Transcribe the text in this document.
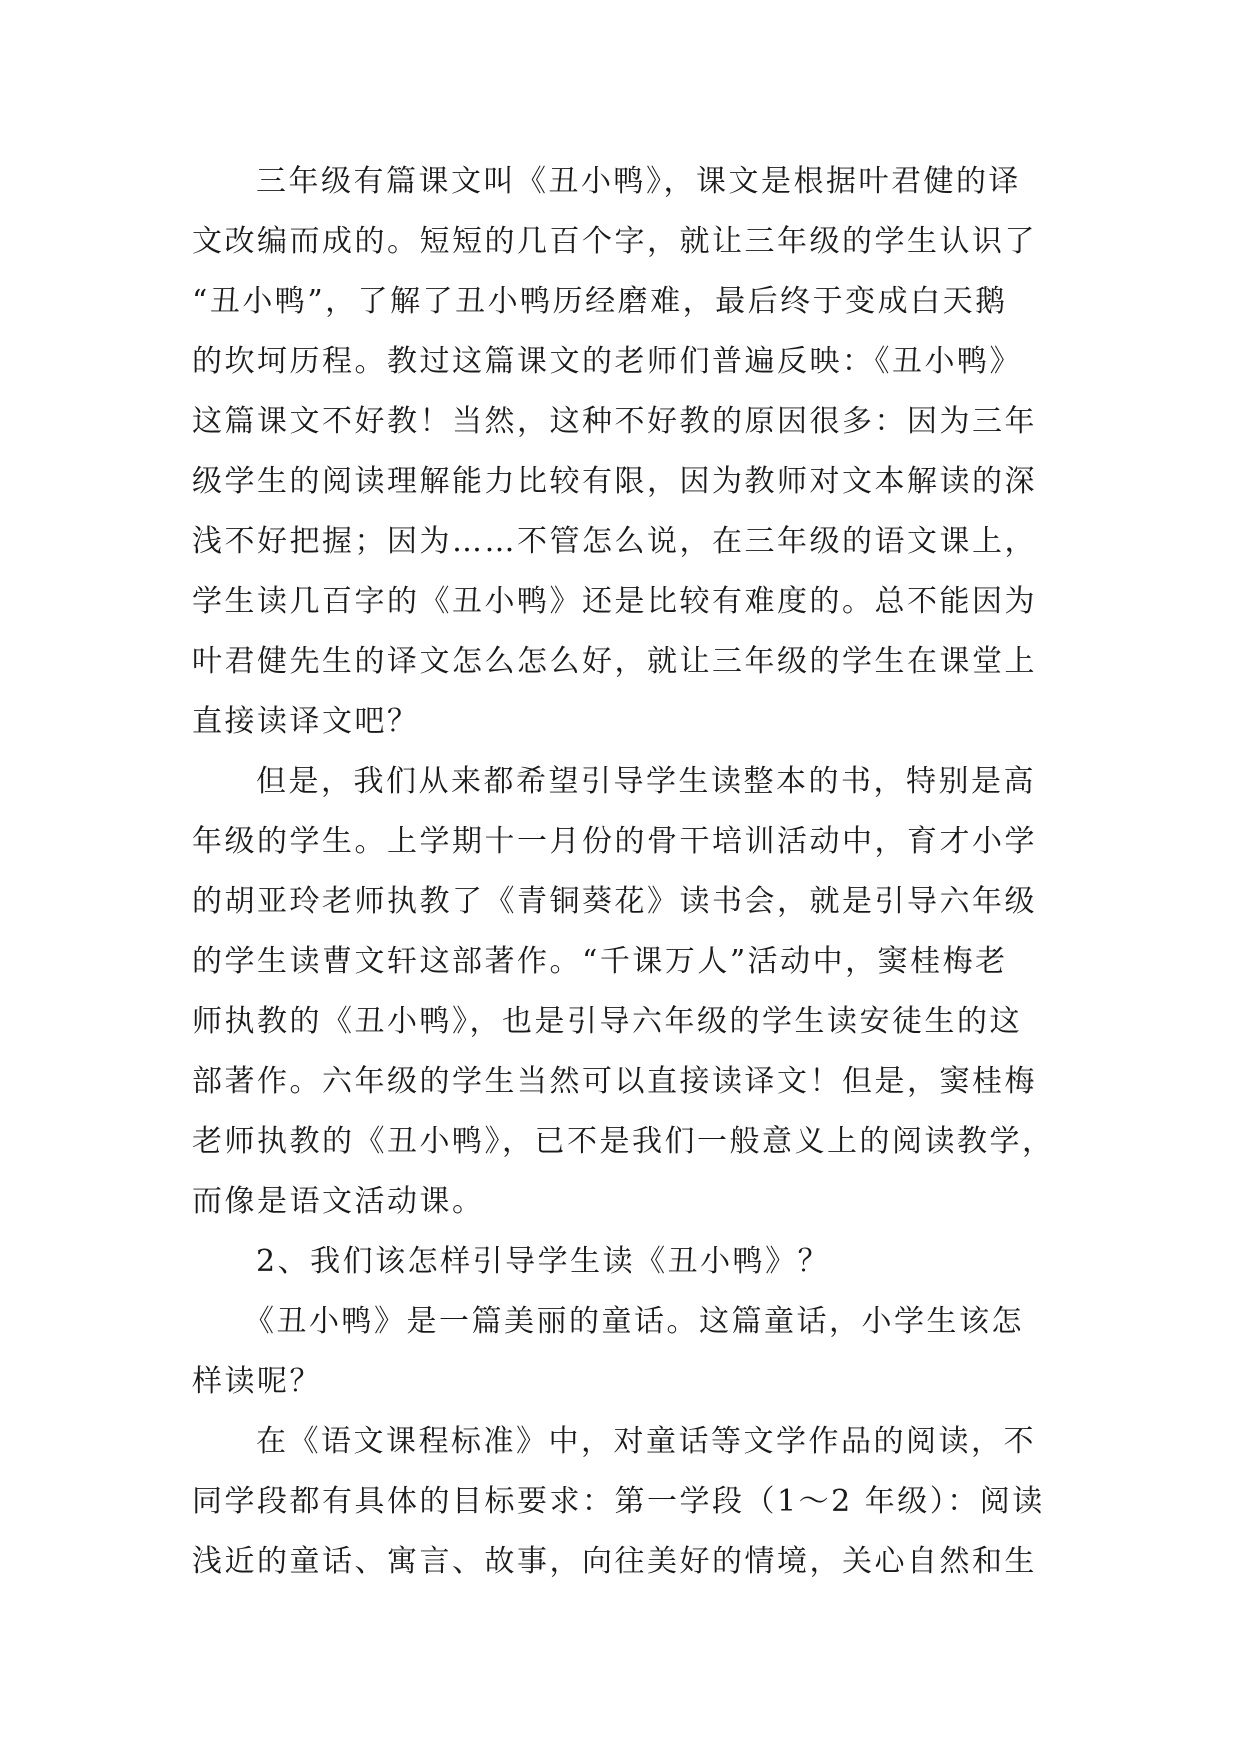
三年级有篇课文叫《丑小鸭》，课文是根据叶君健的译
文改编而成的。短短的几百个字，就让三年级的学生认识了
“丑小鸭”，了解了丑小鸭历经磨难，最后终于变成白天鹅
的坎坷历程。教过这篇课文的老师们普遍反映：《丑小鸭》
这篇课文不好教！当然，这种不好教的原因很多：因为三年
级学生的阅读理解能力比较有限，因为教师对文本解读的深
浅不好把握；因为……不管怎么说，在三年级的语文课上，
学生读几百字的《丑小鸭》还是比较有难度的。总不能因为
叶君健先生的译文怎么怎么好，就让三年级的学生在课堂上
直接读译文吧？
但是，我们从来都希望引导学生读整本的书，特别是高
年级的学生。上学期十一月份的骨干培训活动中，育才小学
的胡亚玲老师执教了《青铜葵花》读书会，就是引导六年级
的学生读曹文轩这部著作。“千课万人”活动中，窦桂梅老
师执教的《丑小鸭》，也是引导六年级的学生读安徒生的这
部著作。六年级的学生当然可以直接读译文！但是，窦桂梅
老师执教的《丑小鸭》，已不是我们一般意义上的阅读教学，
而像是语文活动课。
2、我们该怎样引导学生读《丑小鸭》？
《丑小鸭》是一篇美丽的童话。这篇童话，小学生该怎
样读呢？
在《语文课程标准》中，对童话等文学作品的阅读，不
同学段都有具体的目标要求：第一学段（1～2 年级）：阅读
浅近的童话、寓言、故事，向往美好的情境，关心自然和生
